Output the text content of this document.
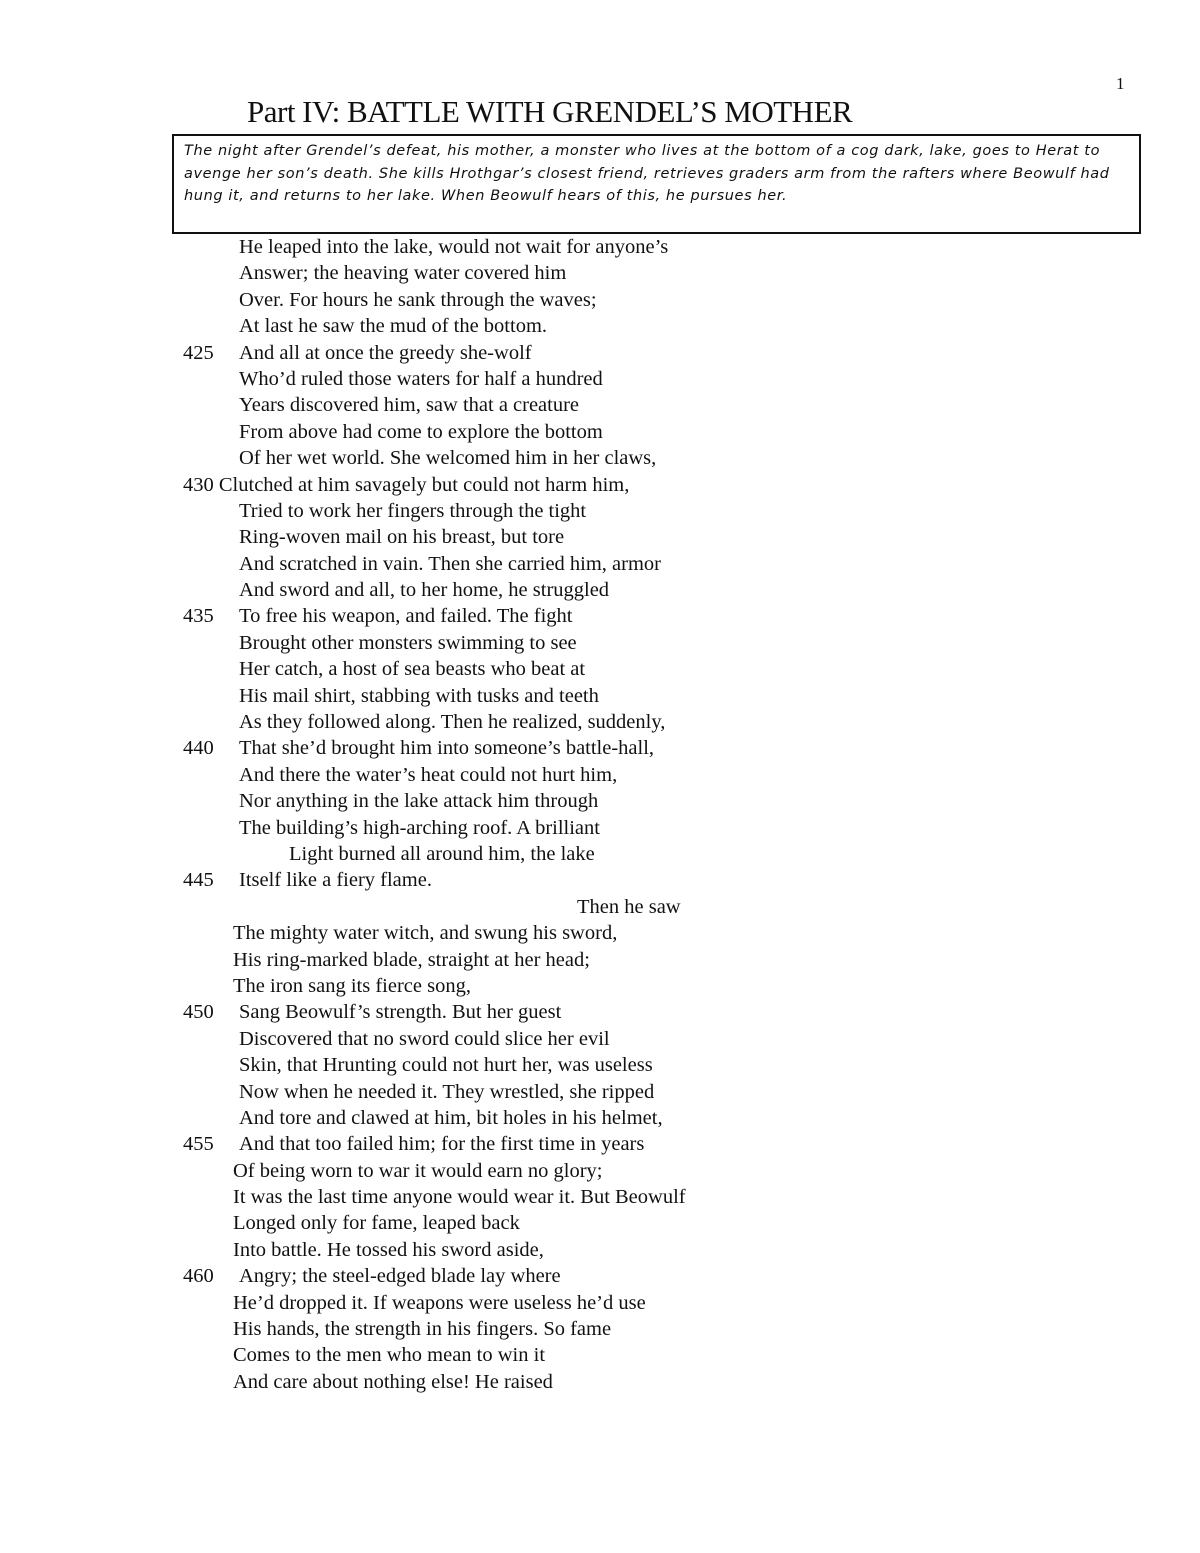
1
Part IV: BATTLE WITH GRENDEL’S MOTHER
The night after Grendel’s defeat, his mother, a monster who lives at the bottom of a cog dark, lake, goes to Herat to avenge her son’s death. She kills Hrothgar’s closest friend, retrieves graders arm from the rafters where Beowulf had hung it, and returns to her lake. When Beowulf hears of this, he pursues her.
He leaped into the lake, would not wait for anyone’s
Answer; the heaving water covered him
Over. For hours he sank through the waves;
At last he saw the mud of the bottom.
425 And all at once the greedy she-wolf
Who’d ruled those waters for half a hundred
Years discovered him, saw that a creature
From above had come to explore the bottom
Of her wet world. She welcomed him in her claws,
430 Clutched at him savagely but could not harm him,
Tried to work her fingers through the tight
Ring-woven mail on his breast, but tore
And scratched in vain. Then she carried him, armor
And sword and all, to her home, he struggled
435 To free his weapon, and failed. The fight
Brought other monsters swimming to see
Her catch, a host of sea beasts who beat at
His mail shirt, stabbing with tusks and teeth
As they followed along. Then he realized, suddenly,
440 That she’d brought him into someone’s battle-hall,
And there the water’s heat could not hurt him,
Nor anything in the lake attack him through
The building’s high-arching roof. A brilliant
Light burned all around him, the lake
445 Itself like a fiery flame.
Then he saw
The mighty water witch, and swung his sword,
His ring-marked blade, straight at her head;
The iron sang its fierce song,
450 Sang Beowulf’s strength. But her guest
Discovered that no sword could slice her evil
Skin, that Hrunting could not hurt her, was useless
Now when he needed it. They wrestled, she ripped
And tore and clawed at him, bit holes in his helmet,
455 And that too failed him; for the first time in years
Of being worn to war it would earn no glory;
It was the last time anyone would wear it. But Beowulf
Longed only for fame, leaped back
Into battle. He tossed his sword aside,
460 Angry; the steel-edged blade lay where
He’d dropped it. If weapons were useless he’d use
His hands, the strength in his fingers. So fame
Comes to the men who mean to win it
And care about nothing else! He raised
